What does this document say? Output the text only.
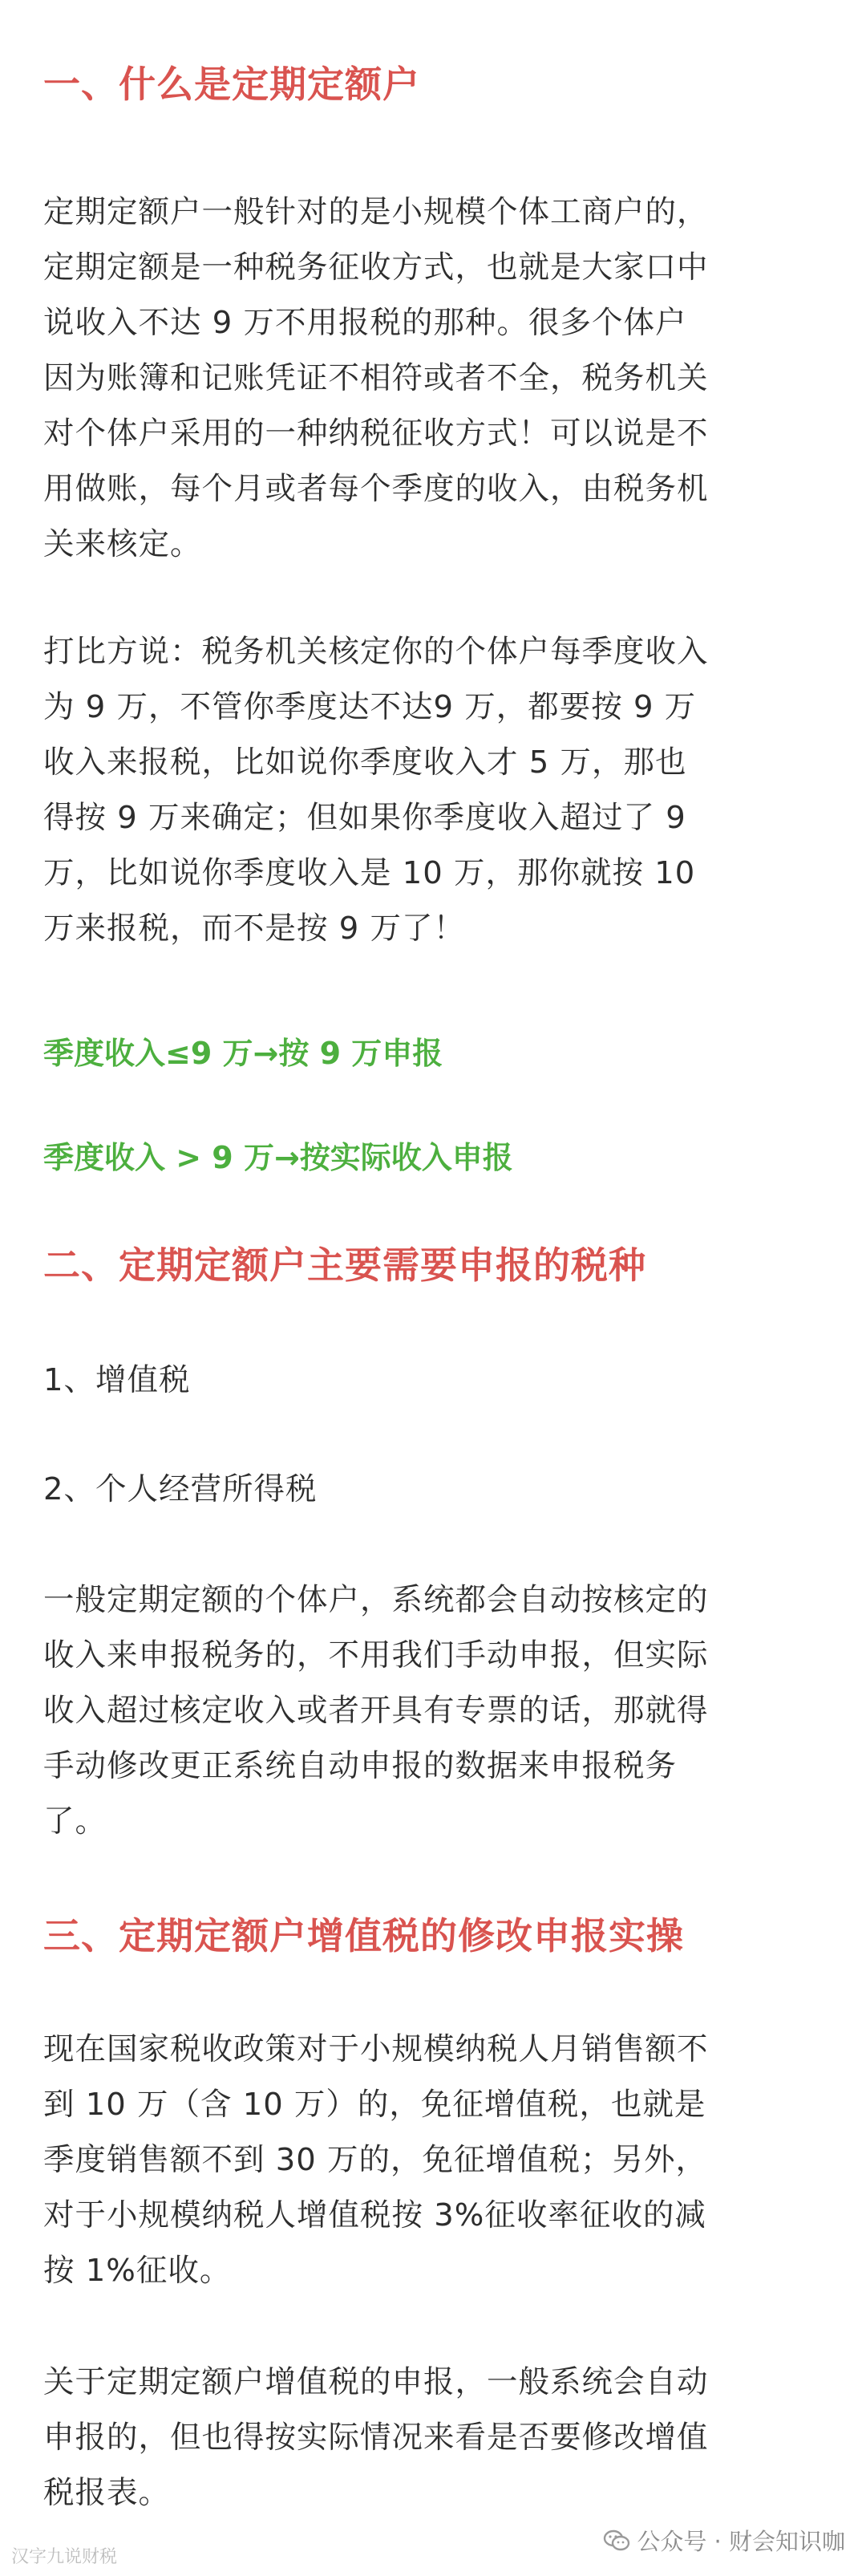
一、什么是定期定额户

定期定额户一般针对的是小规模个体工商户的，
定期定额是一种税务征收方式，也就是大家口中
说收入不达 9 万不用报税的那种。很多个体户
因为账簿和记账凭证不相符或者不全，税务机关
对个体户采用的一种纳税征收方式！可以说是不
用做账，每个月或者每个季度的收入，由税务机
关来核定。

打比方说：税务机关核定你的个体户每季度收入
为 9 万，不管你季度达不达9 万，都要按 9 万
收入来报税，比如说你季度收入才 5 万，那也
得按 9 万来确定；但如果你季度收入超过了 9
万，比如说你季度收入是 10 万，那你就按 10
万来报税，而不是按 9 万了！

季度收入≤9 万→按 9 万申报
季度收入 > 9 万→按实际收入申报
二、定期定额户主要需要申报的税种

1、增值税

2、个人经营所得税

一般定期定额的个体户，系统都会自动按核定的
收入来申报税务的，不用我们手动申报，但实际
收入超过核定收入或者开具有专票的话，那就得
手动修改更正系统自动申报的数据来申报税务
了。

三、定期定额户增值税的修改申报实操

现在国家税收政策对于小规模纳税人月销售额不
到 10 万（含 10 万）的，免征增值税，也就是
季度销售额不到 30 万的，免征增值税；另外，
对于小规模纳税人增值税按 3%征收率征收的减
按 1%征收。

关于定期定额户增值税的申报，一般系统会自动
申报的，但也得按实际情况来看是否要修改增值
税报表。

汉字九说财税
公众号 · 财会知识咖
